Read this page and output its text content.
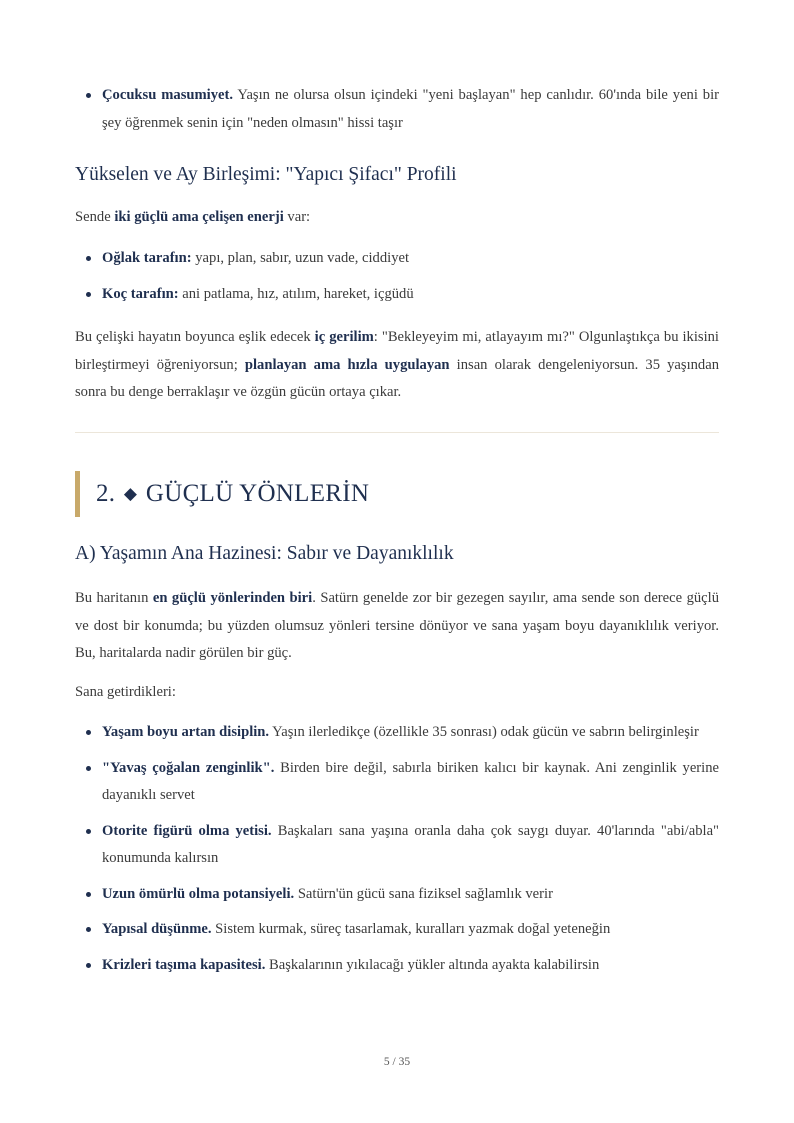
Çocuksu masumiyet. Yaşın ne olursa olsun içindeki "yeni başlayan" hep canlıdır. 60'ında bile yeni bir şey öğrenmek senin için "neden olmasın" hissi taşır
Yükselen ve Ay Birleşimi: "Yapıcı Şifacı" Profili

Sende iki güçlü ama çelişen enerji var:

Oğlak tarafın: yapı, plan, sabır, uzun vade, ciddiyet
Koç tarafın: ani patlama, hız, atılım, hareket, içgüdü

Bu çelişki hayatın boyunca eşlik edecek iç gerilim: "Bekleyeyim mi, atlayayım mı?" Olgunlaştıkça bu ikisini birleştirmeyi öğreniyorsun; planlayan ama hızla uygulayan insan olarak dengeleniyorsun. 35 yaşından sonra bu denge berraklaşır ve özgün gücün ortaya çıkar.

2. ◆ GÜÇLÜ YÖNLERİN
A) Yaşamın Ana Hazinesi: Sabır ve Dayanıklılık

Bu haritanın en güçlü yönlerinden biri. Satürn genelde zor bir gezegen sayılır, ama sende son derece güçlü ve dost bir konumda; bu yüzden olumsuz yönleri tersine dönüyor ve sana yaşam boyu dayanıklılık veriyor. Bu, haritalarda nadir görülen bir güç.

Sana getirdikleri:

Yaşam boyu artan disiplin. Yaşın ilerledikçe (özellikle 35 sonrası) odak gücün ve sabrın belirginleşir
"Yavaş çoğalan zenginlik". Birden bire değil, sabırla biriken kalıcı bir kaynak. Ani zenginlik yerine dayanıklı servet
Otorite figürü olma yetisi. Başkaları sana yaşına oranla daha çok saygı duyar. 40'larında "abi/abla" konumunda kalırsın
Uzun ömürlü olma potansiyeli. Satürn'ün gücü sana fiziksel sağlamlık verir
Yapısal düşünme. Sistem kurmak, süreç tasarlamak, kuralları yazmak doğal yeteneğin
Krizleri taşıma kapasitesi. Başkalarının yıkılacağı yükler altında ayakta kalabilirsin
5 / 35
